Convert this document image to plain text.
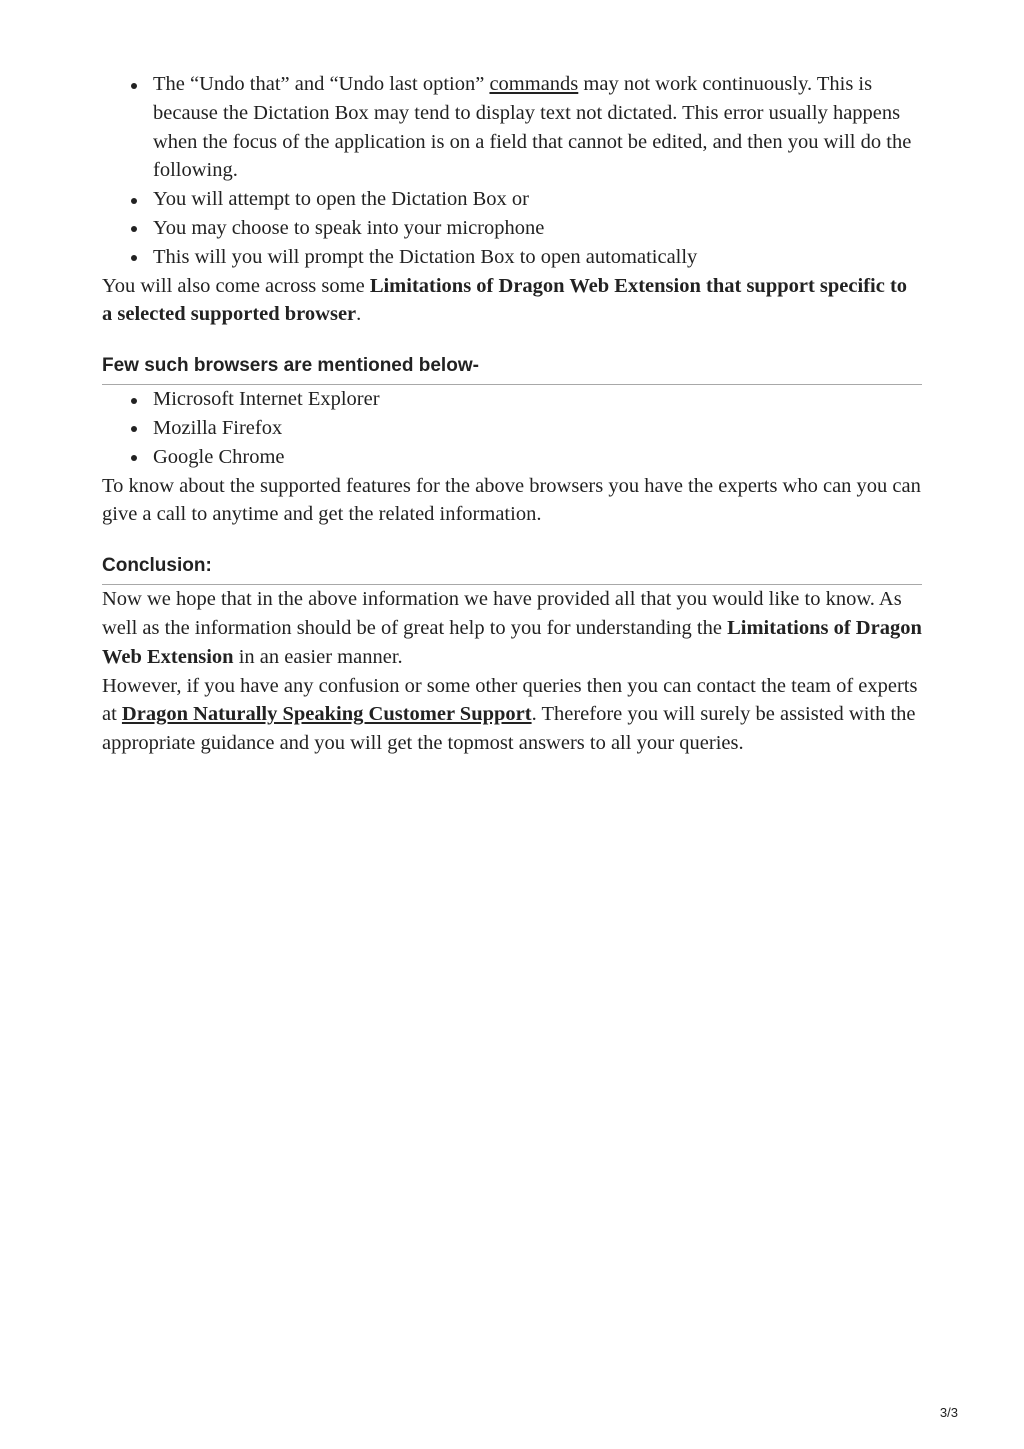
The “Undo that” and “Undo last option” commands may not work continuously. This is because the Dictation Box may tend to display text not dictated. This error usually happens when the focus of the application is on a field that cannot be edited, and then you will do the following.
You will attempt to open the Dictation Box or
You may choose to speak into your microphone
This will you will prompt the Dictation Box to open automatically

You will also come across some Limitations of Dragon Web Extension that support specific to a selected supported browser.

Few such browsers are mentioned below-
Microsoft Internet Explorer
Mozilla Firefox
Google Chrome

To know about the supported features for the above browsers you have the experts who can you can give a call to anytime and get the related information.

Conclusion:

Now we hope that in the above information we have provided all that you would like to know. As well as the information should be of great help to you for understanding the Limitations of Dragon Web Extension in an easier manner.

However, if you have any confusion or some other queries then you can contact the team of experts at Dragon Naturally Speaking Customer Support. Therefore you will surely be assisted with the appropriate guidance and you will get the topmost answers to all your queries.

3/3
